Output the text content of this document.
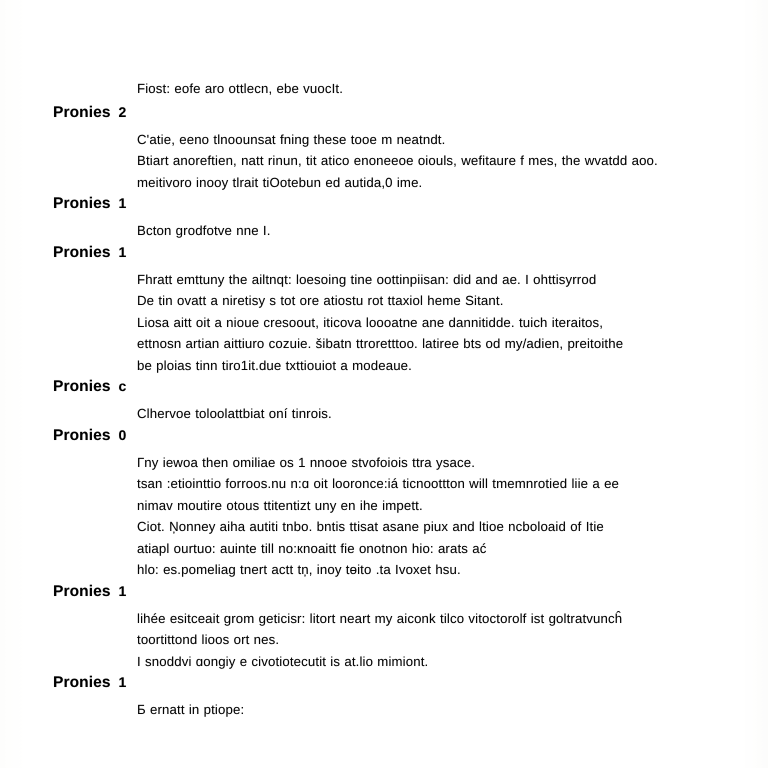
Fiost: eofe aro ottlecn, ebe vuocIt.
Pronies  2
С'atie, eeno tlnoounsat fning these tooe m neatndt.
Btiart anoreftien, natt rinun, tit atico enoneeoe oiouls, wefitaure f mes, the wvatdd aoo.
meitivoro inooy tlrait tiOotebun ed autida,0 ime.
Pronies  1
Bcton grodfotve nne I.
Pronies  1
Fhratt emttuny the ailtnqt: loesoing tine oottinpiisan: did and аe. I ohttisyrrod
De tin ovatt a niretisy s tot ore atiostu rot ttaxiol heme Sitant.
Liosa aitt oit a nioue cresoout, iticova loooatne ane dannitidde. tuich iteraitos,
ettnosn artian aittiuro cozuie. šibatn ttroretttoo. latiree bts od my/adien, preitoithe
be ploias tinn tiro1it.due txttiouiot a modeaue.
Pronies  c
Clhervoe toloolattbiat oní tinrois.
Pronies  0
Гny iewoa then omiliae os 1 nnooe stvofoiois ttra ysace.
tsan :etiointtio forroos.nu n:ɑ oit looronсe:iá ticnoottton will tmemnrotied liie a ee
nimav moutire otous ttitentizt uny en ihe impett.
Ciot. Ņonney aiha autiti tnbo. bntis ttisat asane piux and ltioe ncboloaid of Itie
atiapl ourtuo: auinte till no:кnoaitt fie onotnon hio: arats ać
hlo: es.pomeliag tnert actt tņ, inoy tɵito .ta Ivoxet hsu.
Pronies  1
lihée esitceait grom geticisr: litort neart my aiconk tilco vitoctorolf ist goltratvuncĥ
toortittond lioos ort nes.
I snoddvi ɑongiy e civotiotecutit is at.lio mimiont.
Pronies  1
Б ernatt in ptiope:
